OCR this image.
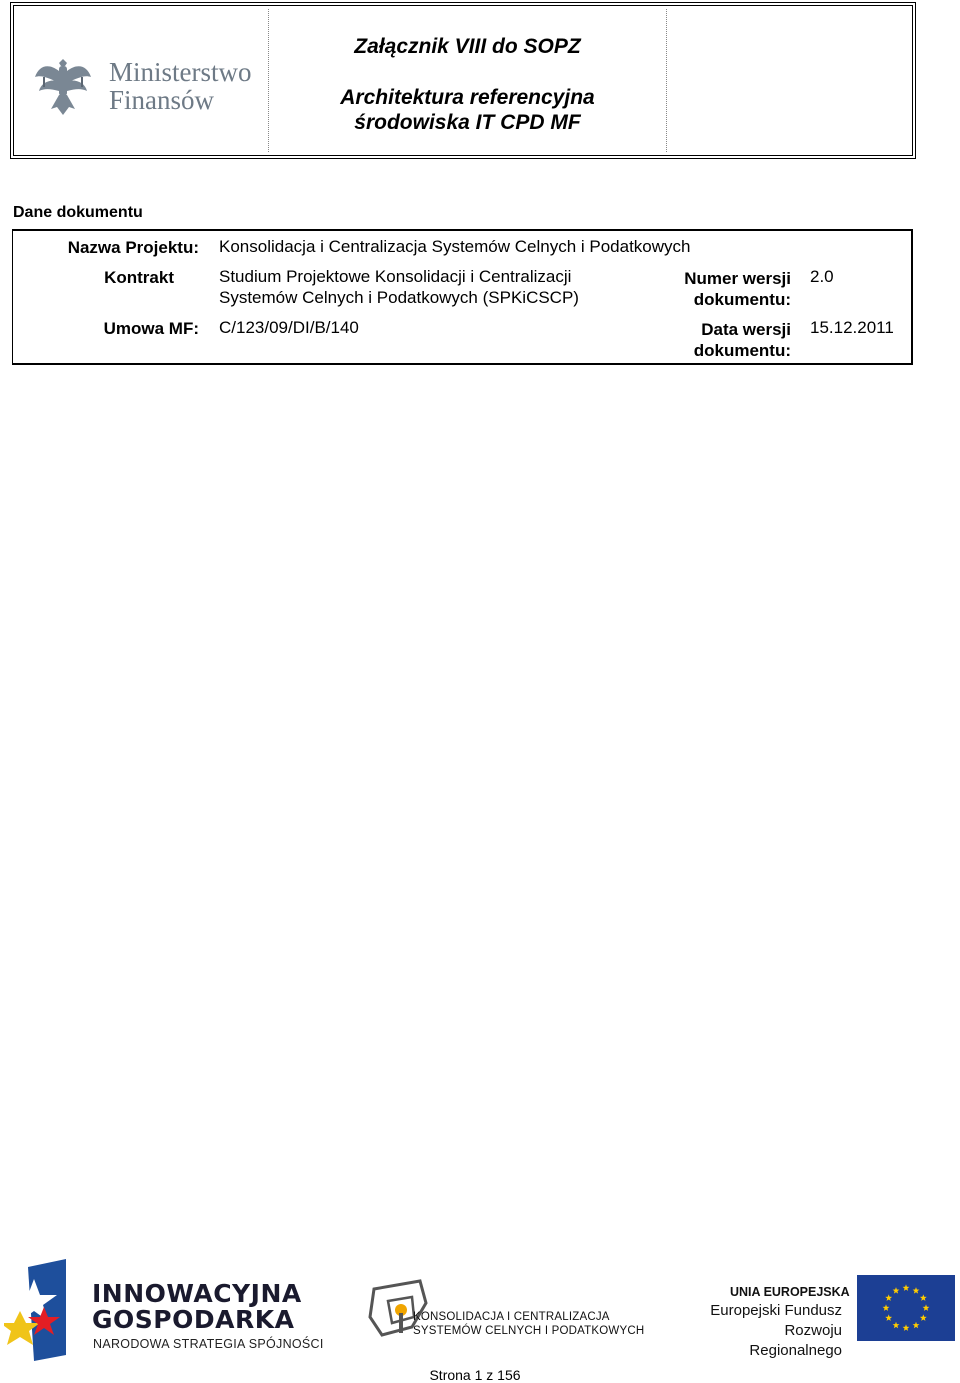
Ministerstwo
Finansów
Załącznik VIII do SOPZ
Architektura referencyjna
środowiska IT CPD MF
Dane dokumentu
Nazwa Projektu: Konsolidacja i Centralizacja Systemów Celnych i Podatkowych
Kontrakt	Studium Projektowe Konsolidacji i Centralizacji
Systemów Celnych i Podatkowych (SPKiCSCP)
Numer wersji
dokumentu:
2.0
Umowa MF: C/123/09/DI/B/140	Data wersji
dokumentu:
15.12.2011
INNOWACYJNA
GOSPODARKA
NARODOWA STRATEGIA SPÓJNOŚCI
KONSOLIDACJA I CENTRALIZACJA
SYSTEMÓW CELNYCH I PODATKOWYCH
UNIA EUROPEJSKA
Europejski Fundusz
Rozwoju Regionalnego
Strona 1 z 156
